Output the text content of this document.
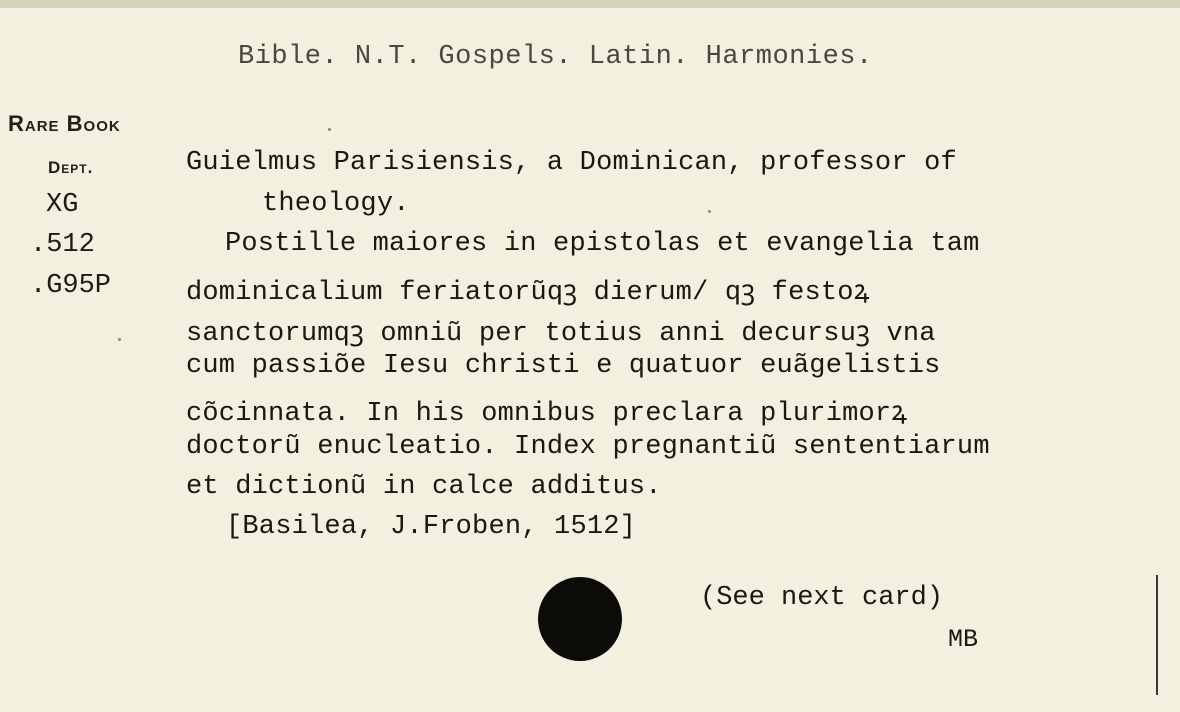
Bible. N.T. Gospels. Latin. Harmonies.
Rare Book
Dept.
XG
.512
.G95P
Guielmus Parisiensis, a Dominican, professor of
theology.
Postille maiores in epistolas et evangelia tam
dominicalium feriatorũqꝫ dierum/ qꝫ festoꝝ
sanctorumqꝫ omniũ per totius anni decursuꝫ vna
cum passiõe Iesu christi e quatuor euãgelistis
cõcinnata. In his omnibus preclara plurimorꝝ
doctorũ enucleatio. Index pregnantiũ sententiarum
et dictionũ in calce additus.
[Basilea, J.Froben, 1512]
(See next card)
MB
